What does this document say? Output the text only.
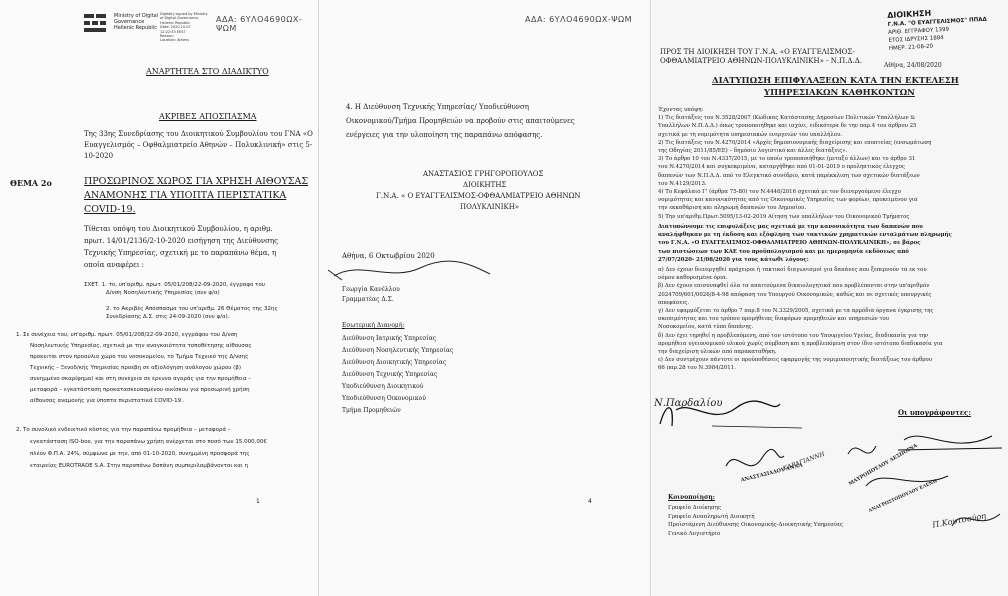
ΑΔΑ: 6ΥΛΟ4690ΩΧ-ΨΩΜ
Ministry of Digital
Governance
Hellenic Republic
Digitally signed by Ministry
of Digital Governance,
Hellenic Republic
Date: 2020.10.07
12:22:53 EEST
Reason:
Location: Athens
ΑΝΑΡΤΗΤΕΑ ΣΤΟ ΔΙΑΔΙΚΤΥΟ
ΑΚΡΙΒΕΣ ΑΠΟΣΠΑΣΜΑ
Της 33ης Συνεδρίασης του Διοικητικού Συμβουλίου του ΓΝΑ «Ο
Ευαγγελισμός – Οφθαλμιατρείο Αθηνών – Πολυκλινική» στις 5-
10-2020
ΘΕΜΑ 2ο	ΠΡΟΣΩΡΙΝΟΣ ΧΩΡΟΣ ΓΙΑ ΧΡΗΣΗ ΑΙΘΟΥΣΑΣ
ΑΝΑΜΟΝΗΣ ΓΙΑ ΥΠΟΠΤΑ ΠΕΡΙΣΤΑΤΙΚΑ
COVID-19.
Τίθεται υπόψη του Διοικητικού Συμβουλίου, η αριθμ.
πρωτ. 14/01/2136/2-10-2020 εισήγηση της Διεύθυνσης
Τεχνικής Υπηρεσίας, σχετική με το παραπάνω θέμα, η
οποία αναφέρει :
ΣΧΕΤ. 1. το, υπ'αριθμ. πρωτ. 05/01/208/22-09-2020, έγγραφο του
Δ/νση Νοσηλευτικής Υπηρεσίας (συν φ/α)
2. το Ακριβές Απόσπασμα του υπ'αριθμ. 26 Θέματος της 32ης
Συνεδρίασης Δ.Σ. στις 24-09-2020 (συν φ/α).
1. Σε συνέχεια του, υπ'αριθμ. πρωτ. 05/01/208/22-09-2020, εγγράφου του Δ/νση
Νοσηλευτικής Υπηρεσίας, σχετικά με την αναγκαιότητα τοποθέτησης αίθουσας
προκειται στον προαύλιο χώρο του νοσοκομείου, το Τμήμα Τεχνικό της Δ/νσης
Τεχνικής – Ξενοδ/κής Υπηρεσίας προέβη σε αξιολόγηση ανάλογου χώρου (β)
συνημμένο σκαρίφημα) και στη συνέχεια σε έρευνα αγοράς για την προμήθεια –
μεταφορά – εγκατάσταση προκατασκευασμένου οικίσκου για προσωρινή χρήση
αίθουσας αναμονής για ύποπτα περιστατικά COVID-19 .
2. Το συνολικό ενδεικτικό κόστος για την παραπάνω προμήθεια – μεταφορά –
εγκατάσταση ISO-box, για την παραπάνω χρήση ανέρχεται στο ποσό των 15.000,00€
πλέον Φ.Π.Α. 24%, σύμφωνα με την, από 01-10-2020, συνημμένη προσφορά της
εταιρείας EUROTRADE S.A. Στην παραπάνω δαπάνη συμπεριλαμβάνονται και η
1
ΑΔΑ: 6ΥΛΟ4690ΩΧ-ΨΩΜ
4. Η Διεύθυνση Τεχνικής Υπηρεσίας/ Υποδιεύθυνση
Οικονομικού/Τμήμα Προμηθειών να προβούν στις απαιτούμενες
ενέργειες για την υλοποίηση της παραπάνω απόφασης.
ΑΝΑΣΤΑΣΙΟΣ ΓΡΗΓΟΡΟΠΟΥΛΟΣ
ΔΙΟΙΚΗΤΗΣ
Γ.Ν.Α. « Ο ΕΥΑΓΓΕΛΙΣΜΟΣ-ΟΦΘΑΛΜΙΑΤΡΕΙΟ ΑΘΗΝΩΝ
ΠΟΛΥΚΛΙΝΙΚΗ»
Αθήνα, 6 Οκτωβρίου 2020
Γεωργία Κανέλλου
Γραμματέας Δ.Σ.
Εσωτερική Διανομή:
Διεύθυνση Ιατρικής Υπηρεσίας
Διεύθυνση Νοσηλευτικής Υπηρεσίας
Διεύθυνση Διοικητικής Υπηρεσίας
Διεύθυνση Τεχνικής Υπηρεσίας
Υποδιεύθυνση Διοικητικού
Υποδιεύθυνση Οικονομικού
Τμήμα Προμηθειών
4
ΔΙΟΙΚΗΣΗ
Γ.Ν.Α. "Ο ΕΥΑΓΓΕΛΙΣΜΟΣ" ΠΠΑΔ
ΑΡΙΘ. ΕΓΓΡΑΦΟΥ 1399
ΕΤΟΣ ΙΔΡΥΣΗΣ 1884
ΗΜΕΡ. 21-08-20
ΠΡΟΣ ΤΗ ΔΙΟΙΚΗΣΗ ΤΟΥ Γ.Ν.Α. «Ο ΕΥΑΓΓΕΛΙΣΜΟΣ-
ΟΦΘΑΛΜΙΑΤΡΕΙΟ ΑΘΗΝΩΝ-ΠΟΛΥΚΛΙΝΙΚΗ» - Ν.Π.Δ.Δ.
Αθήνα, 24/08/2020
ΔΙΑΤΥΠΩΣΗ ΕΠΙΦΥΛΑΞΕΩΝ ΚΑΤΑ ΤΗΝ ΕΚΤΕΛΕΣΗ
ΥΠΗΡΕΣΙΑΚΩΝ ΚΑΘΗΚΟΝΤΩΝ
Έχοντας υπόψη:
1) Τις διατάξεις του Ν.3528/2007 (Κώδικας Κατάστασης Δημοσίων Πολιτικών Υπαλλήλων &
Υπαλλήλων Ν.Π.Δ.Δ.) όπως τροποποιήθηκε και ισχύει, ειδικότερα δε την παρ.4 του άρθρου 25
σχετικά με τη νομιμότητα υπηρεσιακών ενεργειών του υπαλλήλου.
2) Τις διατάξεις του Ν.4270/2014 «Αρχές δημοσιονομικής διαχείρισης και εποπτείας (ενσωμάτωση
της Οδηγίας 2011/85/ΕΕ) – δημόσιο λογιστικό και άλλες διατάξεις».
3) Το άρθρο 10 του Ν.4337/2015, με το οποίο τροποποιήθηκε (μεταξύ άλλων) και το άρθρο 31
του Ν.4270/2014 και συγκεκριμένα, καταργήθηκε από 01-01-2019 ο προληπτικός έλεγχος
δαπανών των Ν.Π.Δ.Δ. από το Ελεγκτικό συνέδριο, κατά παρέκκλιση των σχετικών διατάξεων
του Ν.4129/2013.
4) Το Κεφάλαιο Γ' (άρθρα 75-80) του Ν.4446/2016 σχετικά με τον διενεργούμενο έλεγχο
νομιμότητας και κανονικότητας από τις Οικονομικές Υπηρεσίες των φορέων, προκειμένου για
την εκκαθάριση και πληρωμή δαπανών του Δημοσίου.
5) Την υπ'αριθμ.Πρωτ.5095/13-02-2019 Αίτηση των υπαλλήλων του Οικονομικού Τμήματος
Διατυπώνουμε τις επιφυλάξεις μας σχετικά με την κανονικότητα των δαπανών που
αναλήφθηκαν με τη έκδοση και εξόφληση των τακτικών χρηματικών ενταλμάτων πληρωμής
του Γ.Ν.Α. «Ο ΕΥΑΓΓΕΛΙΣΜΟΣ-ΟΦΘΑΛΜΙΑΤΡΕΙΟ ΑΘΗΝΩΝ-ΠΟΛΥΚΛΙΝΙΚΗ», σε βάρος
των πιστώσεων των ΚΑΕ του προϋπολογισμού και με ημερομηνία εκδόσεως από
27/07/2020- 21/08/2020 για τους κάτωθι λόγους:
α) Δεν έχουν διενεργηθεί πρόχειροι ή τακτικοί διαγωνισμοί για δαπάνες που ξεπερνούν τα εκ του
νόμου καθορισμένα όρια.
β) Δεν έχουν επισυναφθεί όλα τα απαιτούμενα δικαιολογητικά που προβλέπονται στην υπ'αριθμόν
2024709/601/0026/8-4-98 απόφαση του Υπουργού Οικονομικών, καθώς και σε σχετικές υπουργικές
αποφάσεις.
γ) Δεν εφαρμόζεται το άρθρο 7 παρ.8 του Ν.3329/2005, σχετικά με τα αρμόδια όργανα έγκρισης της
σκοπιμότητας και του τρόπου προμήθειας διαφόρων προμηθειών και υπηρεσιών του
Νοσοκομείου, κατά τύπο δαπάνης.
δ) Δεν έχει τηρηθεί η προβλεπόμενη, από τον ιστότοπο του Υπουργείου Υγείας, διαδικασία για την
προμήθεια υγειονομικού υλικού χωρίς σύμβαση και η προβλεπόμενη στον ίδιο ιστότοπο διαδικασία για
την διαχείριση υλικών από παρακαταθήκη.
ε) Δεν συντρέχουν πάντοτε οι προϋποθέσεις εφαρμογής της νομιμοποιητικής διατάξεως του άρθρου
66 παρ.28 του Ν.3984/2011.
Οι υπογράφοντες:
Ν.Παρδαλίου
ΑΝΑΣΤΑΣΙΑΔΟΥ ΑΝΝΑ
ΚΑΡΑΓΙΑΝΝΗ	ΜΑΥΡΟΠΟΥΛΟΥ ΔΕΣΠΟΙΝΑ
ΑΝΑΓΡΩΣΤΟΠΟΥΛΟΥ ΕΛΕΝΗ
Π.Κουτσούρη
Κοινοποίηση:
Γραφείο Διοίκησης
Γραφείο Αναπληρωτή Διοικητή
Προϊστάμενη Διεύθυνσης Οικονομικής-Διοικητικής Υπηρεσίας
Γενικό Λογιστήριο
